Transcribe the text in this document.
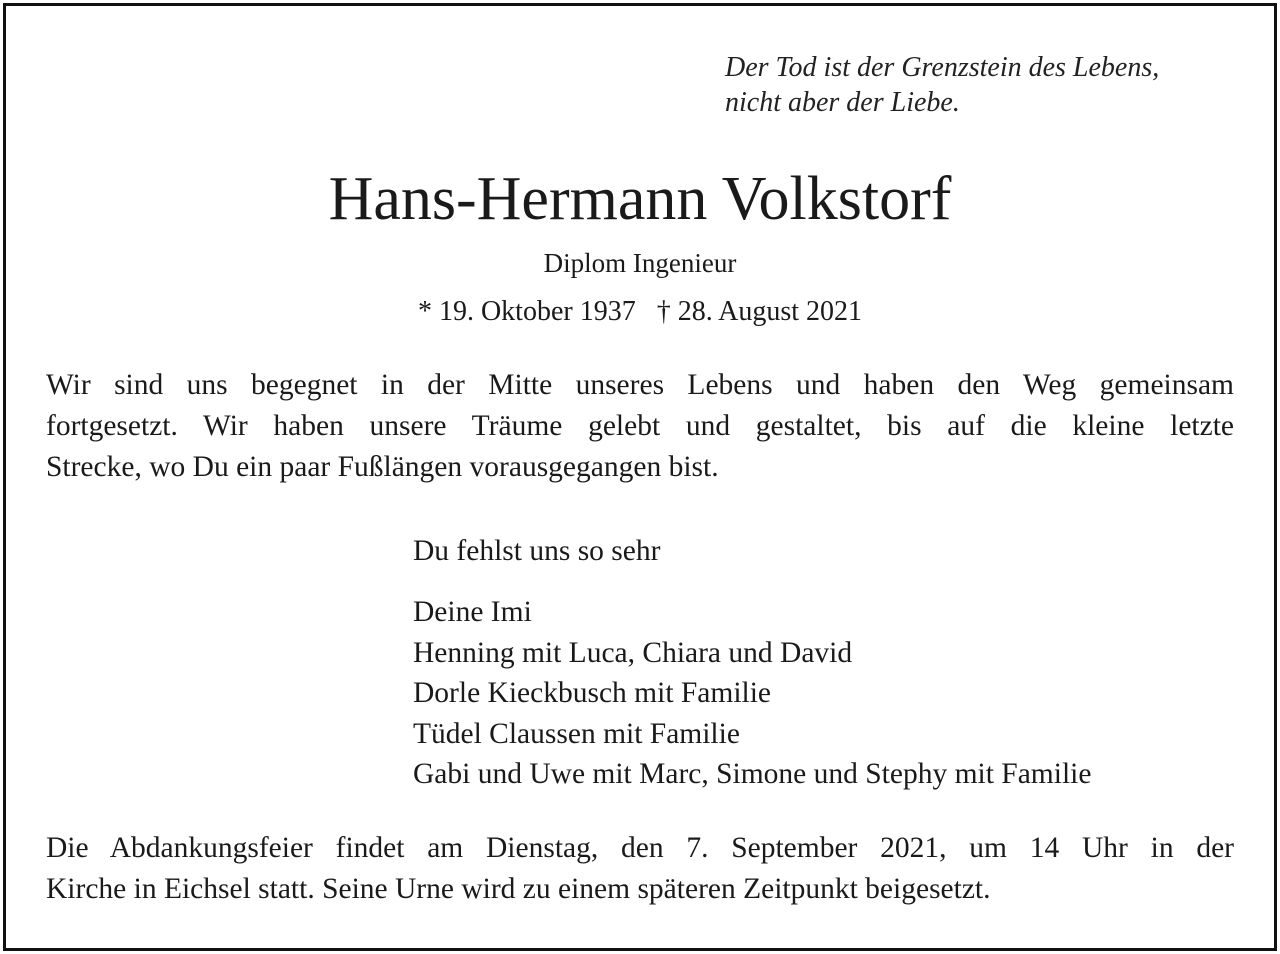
Der Tod ist der Grenzstein des Lebens,
nicht aber der Liebe.
Hans-Hermann Volkstorf
Diplom Ingenieur
* 19. Oktober 1937 † 28. August 2021
Wir sind uns begegnet in der Mitte unseres Lebens und haben den Weg gemeinsam
fortgesetzt. Wir haben unsere Träume gelebt und gestaltet, bis auf die kleine letzte
Strecke, wo Du ein paar Fußlängen vorausgegangen bist.
Du fehlst uns so sehr
Deine Imi
Henning mit Luca, Chiara und David
Dorle Kieckbusch mit Familie
Tüdel Claussen mit Familie
Gabi und Uwe mit Marc, Simone und Stephy mit Familie
Die Abdankungsfeier findet am Dienstag, den 7. September 2021, um 14 Uhr in der
Kirche in Eichsel statt. Seine Urne wird zu einem späteren Zeitpunkt beigesetzt.
